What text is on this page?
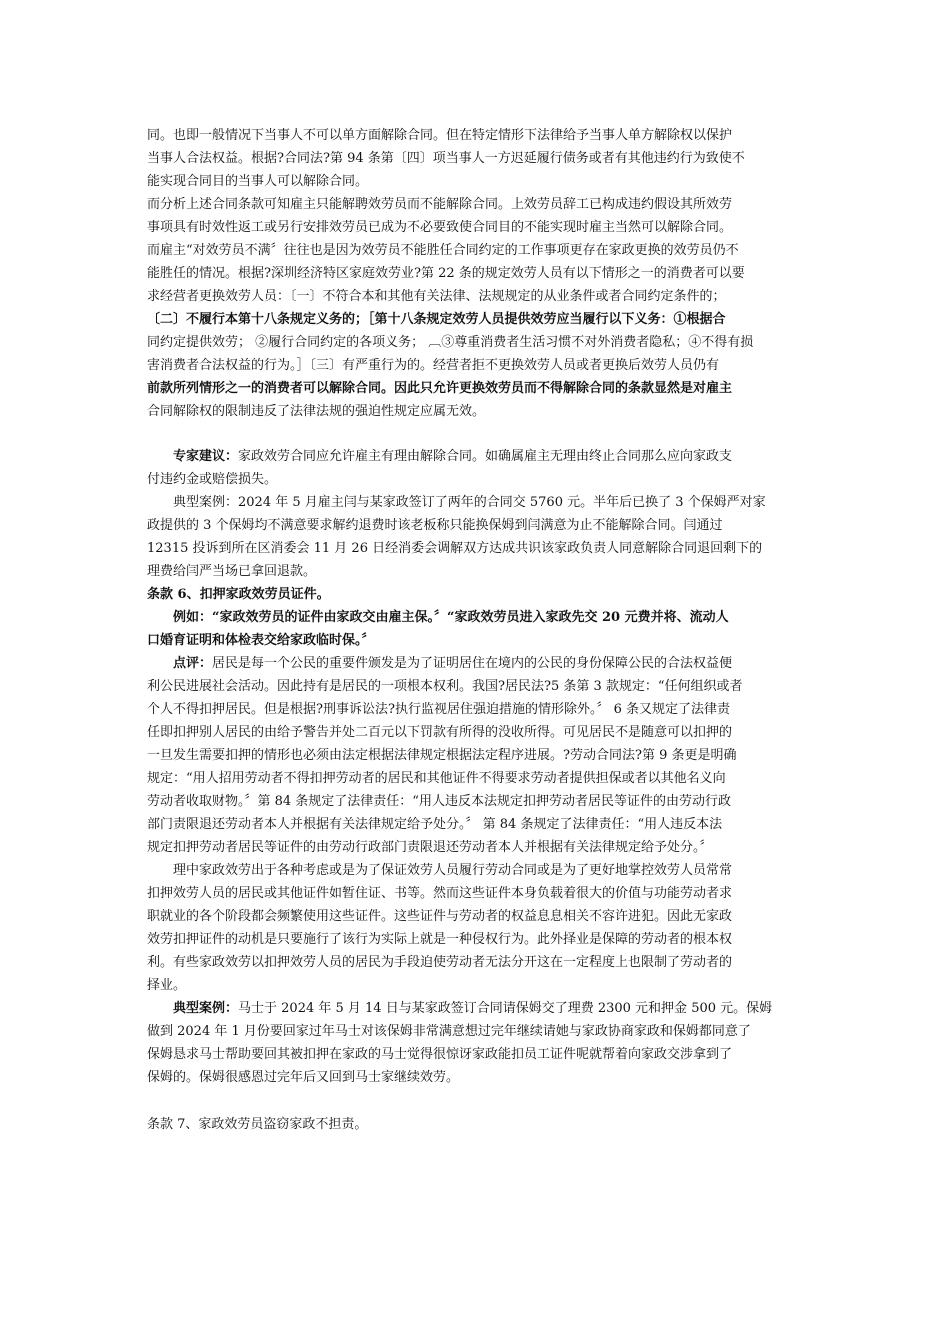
同。也即一般情况下当事人不可以单方面解除合同。但在特定情形下法律给予当事人单方解除权以保护
当事人合法权益。根据?合同法?第 94 条第〔四〕项当事人一方迟延履行债务或者有其他违约行为致使不
能实现合同目的当事人可以解除合同。
而分析上述合同条款可知雇主只能解聘效劳员而不能解除合同。上效劳员辞工已构成违约假设其所效劳
事项具有时效性返工或另行安排效劳员已成为不必要致使合同目的不能实现时雇主当然可以解除合同。
而雇主“对效劳员不满〞往往也是因为效劳员不能胜任合同约定的工作事项更存在家政更换的效劳员仍不
能胜任的情况。根据?深圳经济特区家庭效劳业?第 22 条的规定效劳人员有以下情形之一的消费者可以要
求经营者更换效劳人员：〔一〕不符合本和其他有关法律、法规规定的从业条件或者合同约定条件的；
〔二〕不履行本第十八条规定义务的；［第十八条规定效劳人员提供效劳应当履行以下义务：①根据合
同约定提供效劳； ②履行合同约定的各项义务； ︹③尊重消费者生活习惯不对外消费者隐私；④不得有损
害消费者合法权益的行为。］〔三〕有严重行为的。经营者拒不更换效劳人员或者更换后效劳人员仍有
前款所列情形之一的消费者可以解除合同。因此只允许更换效劳员而不得解除合同的条款显然是对雇主
合同解除权的限制违反了法律法规的强迫性规定应属无效。
专家建议：家政效劳合同应允许雇主有理由解除合同。如确属雇主无理由终止合同那么应向家政支
付违约金或赔偿损失。
典型案例：2024 年 5 月雇主闫与某家政签订了两年的合同交 5760 元。半年后已换了 3 个保姆严对家
政提供的 3 个保姆均不满意要求解约退费时该老板称只能换保姆到闫满意为止不能解除合同。闫通过
12315 投诉到所在区消委会 11 月 26 日经消委会调解双方达成共识该家政负责人同意解除合同退回剩下的
理费给闫严当场已拿回退款。
条款 6、扣押家政效劳员证件。
例如：“家政效劳员的证件由家政交由雇主保。〞“家政效劳员进入家政先交 20 元费并将、流动人
口婚育证明和体检表交给家政临时保。〞
点评：居民是每一个公民的重要件颁发是为了证明居住在境内的公民的身份保障公民的合法权益便
利公民进展社会活动。因此持有是居民的一项根本权利。我国?居民法?5 条第 3 款规定：“任何组织或者
个人不得扣押居民。但是根据?刑事诉讼法?执行监视居住强迫措施的情形除外。〞 6 条又规定了法律责
任即扣押别人居民的由给予警告并处二百元以下罚款有所得的没收所得。可见居民不是随意可以扣押的
一旦发生需要扣押的情形也必须由法定根据法律规定根据法定程序进展。?劳动合同法?第 9 条更是明确
规定：“用人招用劳动者不得扣押劳动者的居民和其他证件不得要求劳动者提供担保或者以其他名义向
劳动者收取财物。〞第 84 条规定了法律责任：“用人违反本法规定扣押劳动者居民等证件的由劳动行政
部门责限退还劳动者本人并根据有关法律规定给予处分。〞 第 84 条规定了法律责任：“用人违反本法
规定扣押劳动者居民等证件的由劳动行政部门责限退还劳动者本人并根据有关法律规定给予处分。〞
理中家政效劳出于各种考虑或是为了保证效劳人员履行劳动合同或是为了更好地掌控效劳人员常常
扣押效劳人员的居民或其他证件如暂住证、书等。然而这些证件本身负载着很大的价值与功能劳动者求
职就业的各个阶段都会频繁使用这些证件。这些证件与劳动者的权益息息相关不容许进犯。因此无家政
效劳扣押证件的动机是只要施行了该行为实际上就是一种侵权行为。此外择业是保障的劳动者的根本权
利。有些家政效劳以扣押效劳人员的居民为手段迫使劳动者无法分开这在一定程度上也限制了劳动者的
择业。
典型案例：马士于 2024 年 5 月 14 日与某家政签订合同请保姆交了理费 2300 元和押金 500 元。保姆
做到 2024 年 1 月份要回家过年马士对该保姆非常满意想过完年继续请她与家政协商家政和保姆都同意了
保姆恳求马士帮助要回其被扣押在家政的马士觉得很惊讶家政能扣员工证件呢就帮着向家政交涉拿到了
保姆的。保姆很感恩过完年后又回到马士家继续效劳。
条款 7、家政效劳员盗窃家政不担责。
